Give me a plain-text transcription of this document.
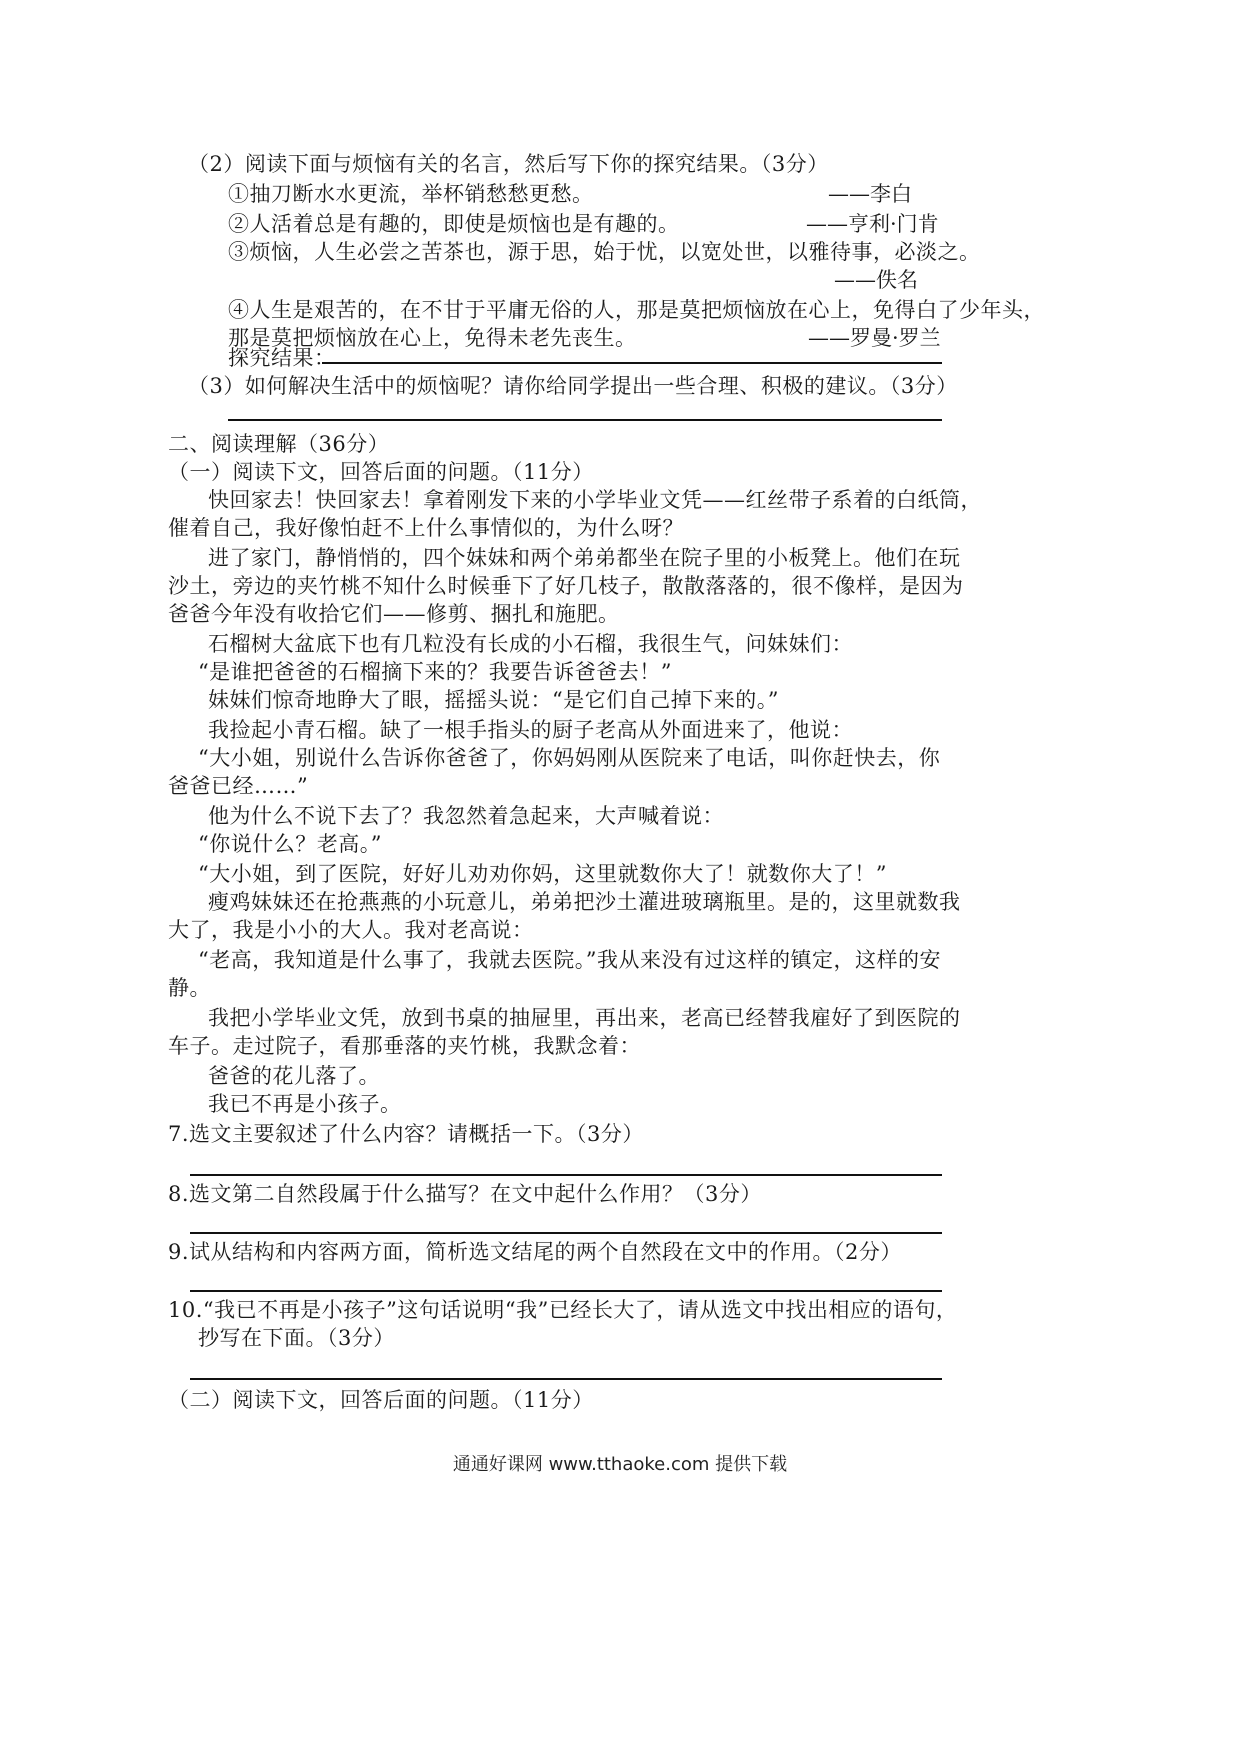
（2）阅读下面与烦恼有关的名言，然后写下你的探究结果。（3分）
①抽刀断水水更流，举杯销愁愁更愁。	——李白
②人活着总是有趣的，即使是烦恼也是有趣的。	——亨利·门肯
③烦恼，人生必尝之苦茶也，源于思，始于忧，以宽处世，以雅待事，必淡之。
——佚名
④人生是艰苦的，在不甘于平庸无俗的人，那是莫把烦恼放在心上，免得白了少年头，
那是莫把烦恼放在心上，免得未老先丧生。	——罗曼·罗兰
探究结果：
（3）如何解决生活中的烦恼呢？请你给同学提出一些合理、积极的建议。（3分）
二、阅读理解（36分）
（一）阅读下文，回答后面的问题。（11分）
快回家去！快回家去！拿着刚发下来的小学毕业文凭——红丝带子系着的白纸筒，
催着自己，我好像怕赶不上什么事情似的，为什么呀？
进了家门，静悄悄的，四个妹妹和两个弟弟都坐在院子里的小板凳上。他们在玩
沙土，旁边的夹竹桃不知什么时候垂下了好几枝子，散散落落的，很不像样，是因为
爸爸今年没有收拾它们——修剪、捆扎和施肥。
石榴树大盆底下也有几粒没有长成的小石榴，我很生气，问妹妹们：
“是谁把爸爸的石榴摘下来的？我要告诉爸爸去！”
妹妹们惊奇地睁大了眼，摇摇头说：“是它们自己掉下来的。”
我捡起小青石榴。缺了一根手指头的厨子老高从外面进来了，他说：
“大小姐，别说什么告诉你爸爸了，你妈妈刚从医院来了电话，叫你赶快去，你
爸爸已经……”
他为什么不说下去了？我忽然着急起来，大声喊着说：
“你说什么？老高。”
“大小姐，到了医院，好好儿劝劝你妈，这里就数你大了！就数你大了！”
瘦鸡妹妹还在抢燕燕的小玩意儿，弟弟把沙土灌进玻璃瓶里。是的，这里就数我
大了，我是小小的大人。我对老高说：
“老高，我知道是什么事了，我就去医院。”我从来没有过这样的镇定，这样的安
静。
我把小学毕业文凭，放到书桌的抽屉里，再出来，老高已经替我雇好了到医院的
车子。走过院子，看那垂落的夹竹桃，我默念着：
爸爸的花儿落了。
我已不再是小孩子。
7.选文主要叙述了什么内容？请概括一下。（3分）
8.选文第二自然段属于什么描写？在文中起什么作用？（3分）
9.试从结构和内容两方面，简析选文结尾的两个自然段在文中的作用。（2分）
10.“我已不再是小孩子”这句话说明“我”已经长大了，请从选文中找出相应的语句，
抄写在下面。（3分）
（二）阅读下文，回答后面的问题。（11分）
通通好课网 www.tthaoke.com 提供下载
